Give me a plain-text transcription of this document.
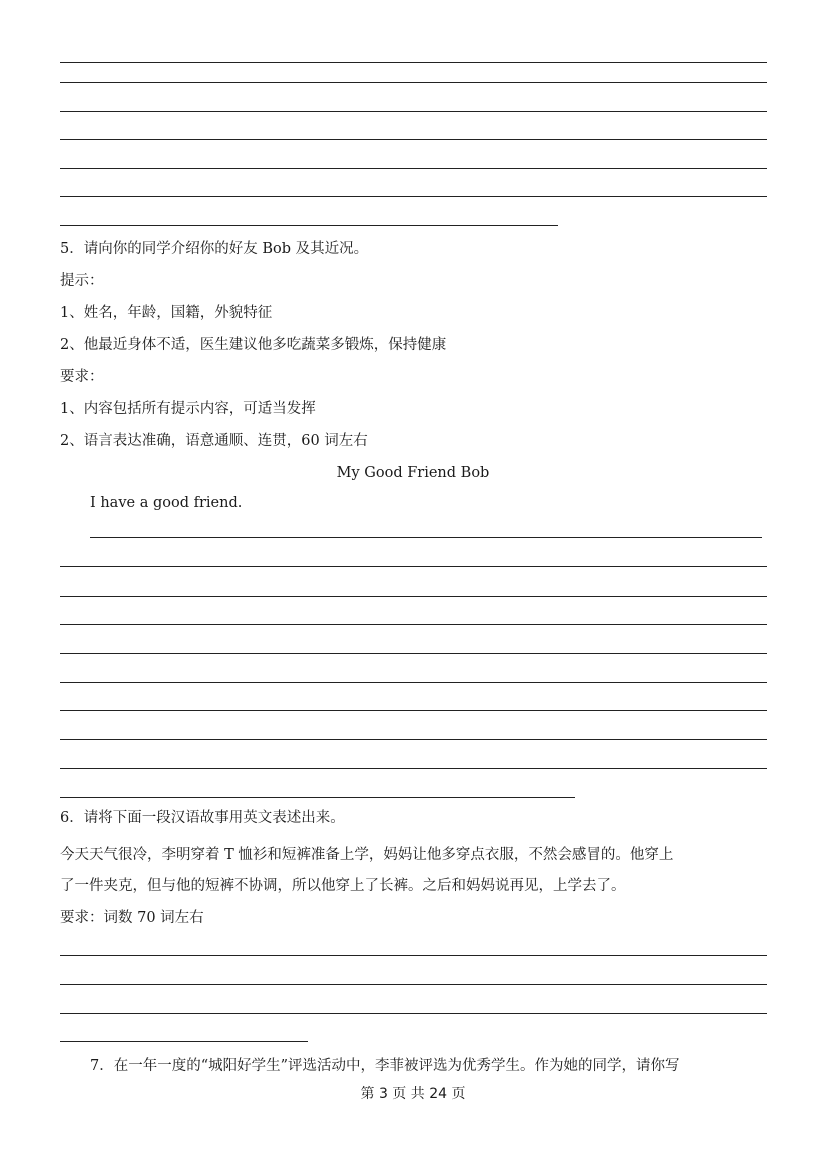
5．请向你的同学介绍你的好友 Bob 及其近况。
提示：
1、姓名，年龄，国籍，外貌特征
2、他最近身体不适，医生建议他多吃蔬菜多锻炼，保持健康
要求：
1、内容包括所有提示内容，可适当发挥
2、语言表达准确，语意通顺、连贯，60 词左右
My Good Friend Bob
I have a good friend.
6．请将下面一段汉语故事用英文表述出来。
今天天气很冷，李明穿着 T 恤衫和短裤准备上学，妈妈让他多穿点衣服，不然会感冒的。他穿上
了一件夹克，但与他的短裤不协调，所以他穿上了长裤。之后和妈妈说再见，上学去了。
要求：词数 70 词左右
7．在一年一度的“城阳好学生”评选活动中，李菲被评选为优秀学生。作为她的同学，请你写
第 3 页 共 24 页
